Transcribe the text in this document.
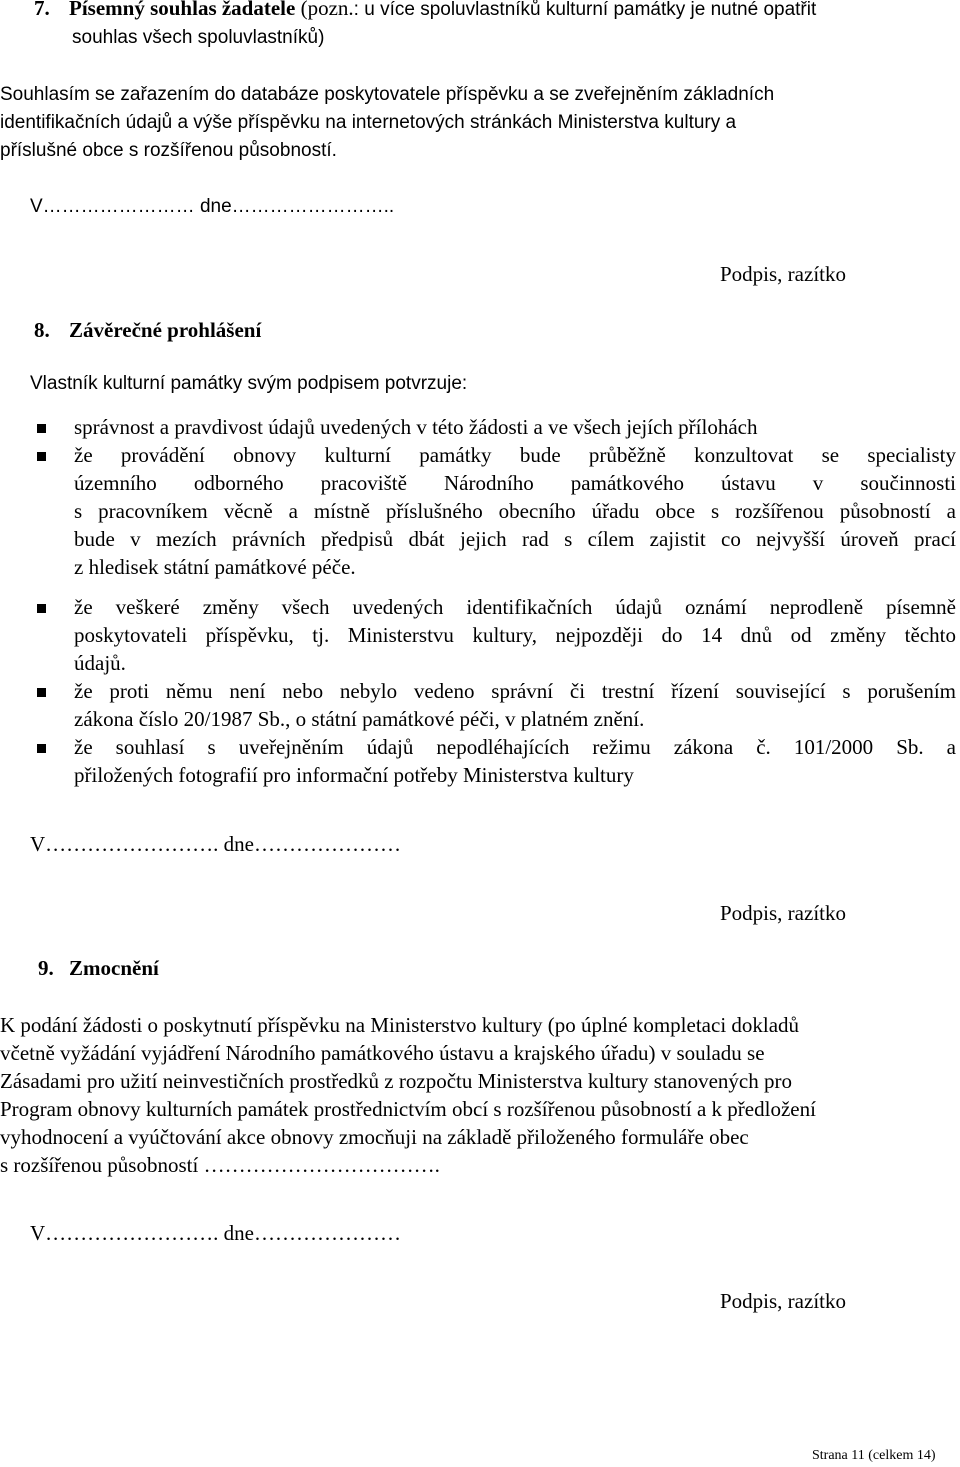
7. Písemný souhlas žadatele (pozn.: u více spoluvlastníků kulturní památky je nutné opatřit
souhlas všech spoluvlastníků)
Souhlasím se zařazením do databáze poskytovatele příspěvku a se zveřejněním základních
identifikačních údajů a výše příspěvku na internetových stránkách Ministerstva kultury a
příslušné obce s rozšířenou působností.
V…………………… dne……………………..
Podpis, razítko
8. Závěrečné prohlášení
Vlastník kulturní památky svým podpisem potvrzuje:
správnost a pravdivost údajů uvedených v této žádosti a ve všech jejích přílohách
že provádění obnovy kulturní památky bude průběžně konzultovat se specialisty
územního odborného pracoviště Národního památkového ústavu v součinnosti
s pracovníkem věcně a místně příslušného obecního úřadu obce s rozšířenou působností a
bude v mezích právních předpisů dbát jejich rad s cílem zajistit co nejvyšší úroveň prací
z hledisek státní památkové péče.
že veškeré změny všech uvedených identifikačních údajů oznámí neprodleně písemně
poskytovateli příspěvku, tj. Ministerstvu kultury, nejpozději do 14 dnů od změny těchto
údajů.
že proti němu není nebo nebylo vedeno správní či trestní řízení související s porušením
zákona číslo 20/1987 Sb., o státní památkové péči, v platném znění.
že souhlasí s uveřejněním údajů nepodléhajících režimu zákona č. 101/2000 Sb. a
přiložených fotografií pro informační potřeby Ministerstva kultury
V……………………. dne…………………
Podpis, razítko
9. Zmocnění
K podání žádosti o poskytnutí příspěvku na Ministerstvo kultury (po úplné kompletaci dokladů
včetně vyžádání vyjádření Národního památkového ústavu a krajského úřadu) v souladu se
Zásadami pro užití neinvestičních prostředků z rozpočtu Ministerstva kultury stanovených pro
Program obnovy kulturních památek prostřednictvím obcí s rozšířenou působností a k předložení
vyhodnocení a vyúčtování akce obnovy zmocňuji na základě přiloženého formuláře obec
s rozšířenou působností …………………………….
V……………………. dne…………………
Podpis, razítko
Strana 11 (celkem 14)
